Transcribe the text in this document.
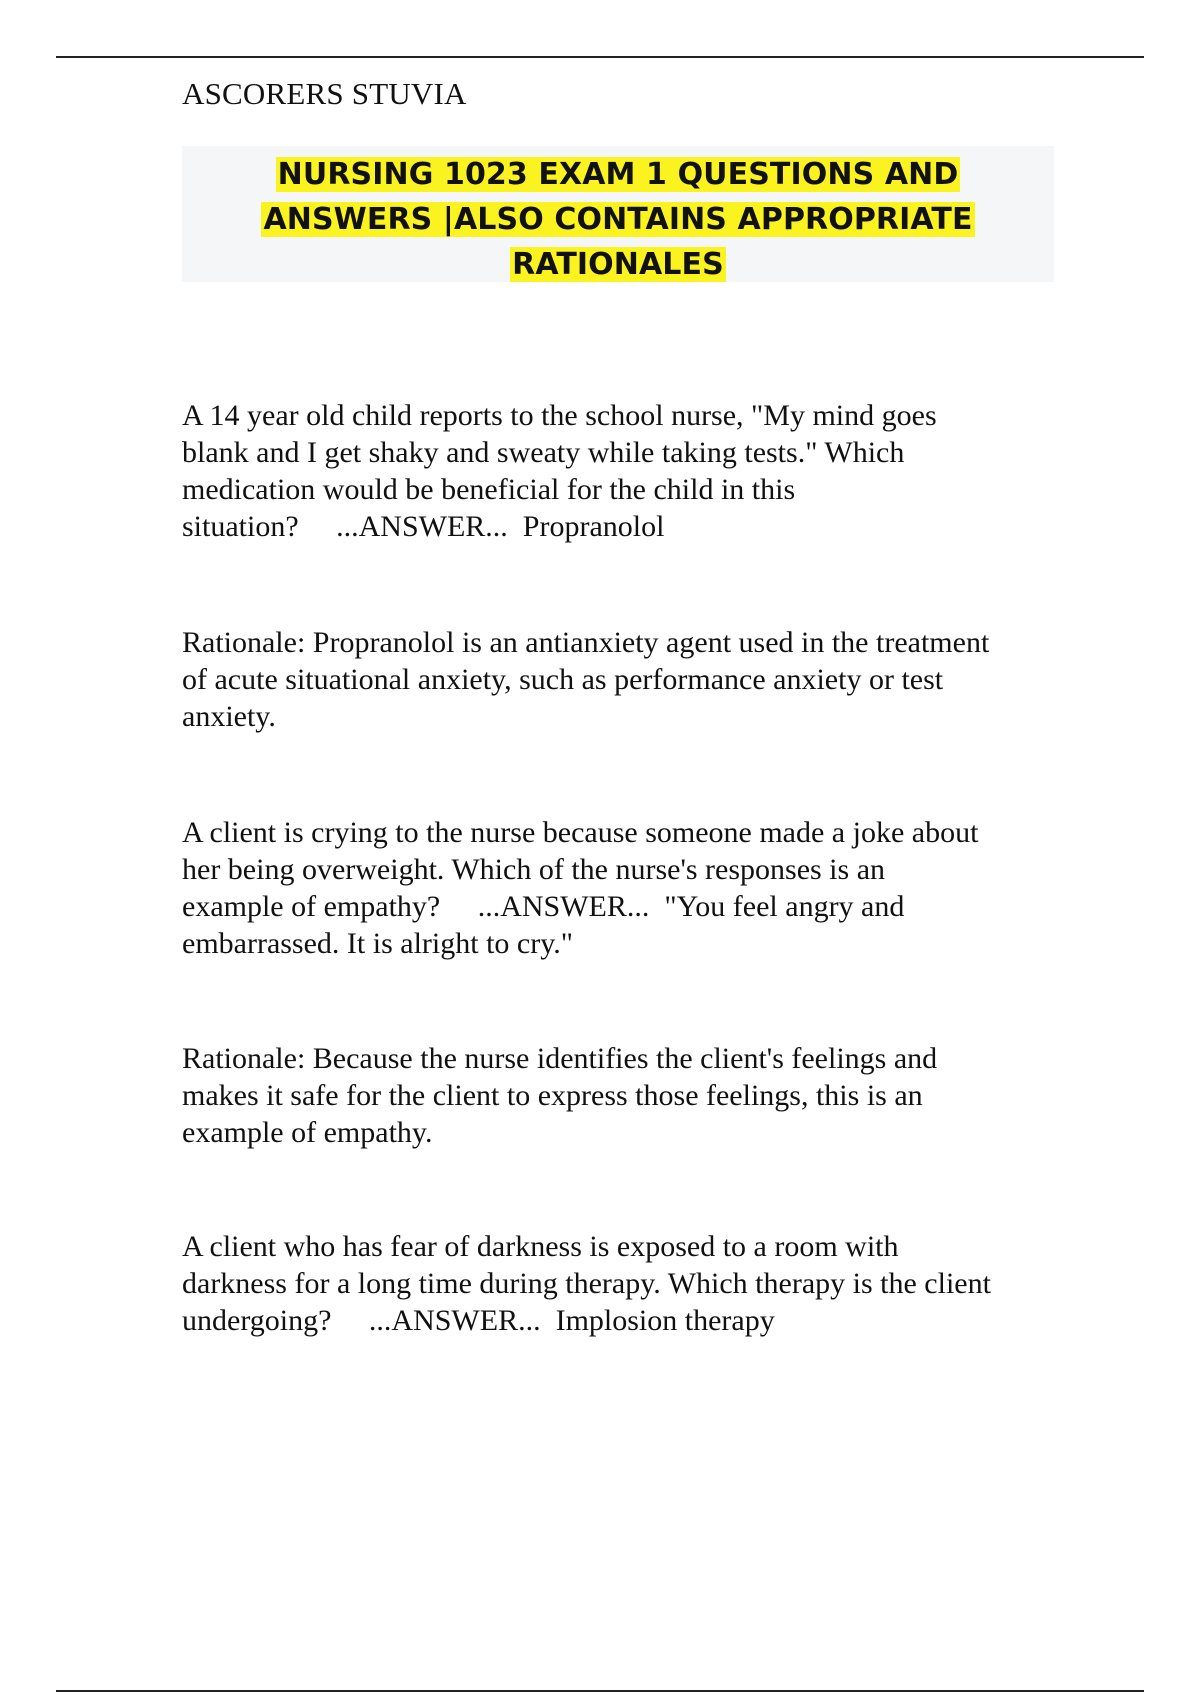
ASCORERS STUVIA
NURSING 1023 EXAM 1 QUESTIONS AND
ANSWERS |ALSO CONTAINS APPROPRIATE
RATIONALES
A 14 year old child reports to the school nurse, "My mind goes
blank and I get shaky and sweaty while taking tests." Which
medication would be beneficial for the child in this
situation?     ...ANSWER...  Propranolol
Rationale: Propranolol is an antianxiety agent used in the treatment
of acute situational anxiety, such as performance anxiety or test
anxiety.
A client is crying to the nurse because someone made a joke about
her being overweight. Which of the nurse's responses is an
example of empathy?     ...ANSWER...  "You feel angry and
embarrassed. It is alright to cry."
Rationale: Because the nurse identifies the client's feelings and
makes it safe for the client to express those feelings, this is an
example of empathy.
A client who has fear of darkness is exposed to a room with
darkness for a long time during therapy. Which therapy is the client
undergoing?     ...ANSWER...  Implosion therapy
